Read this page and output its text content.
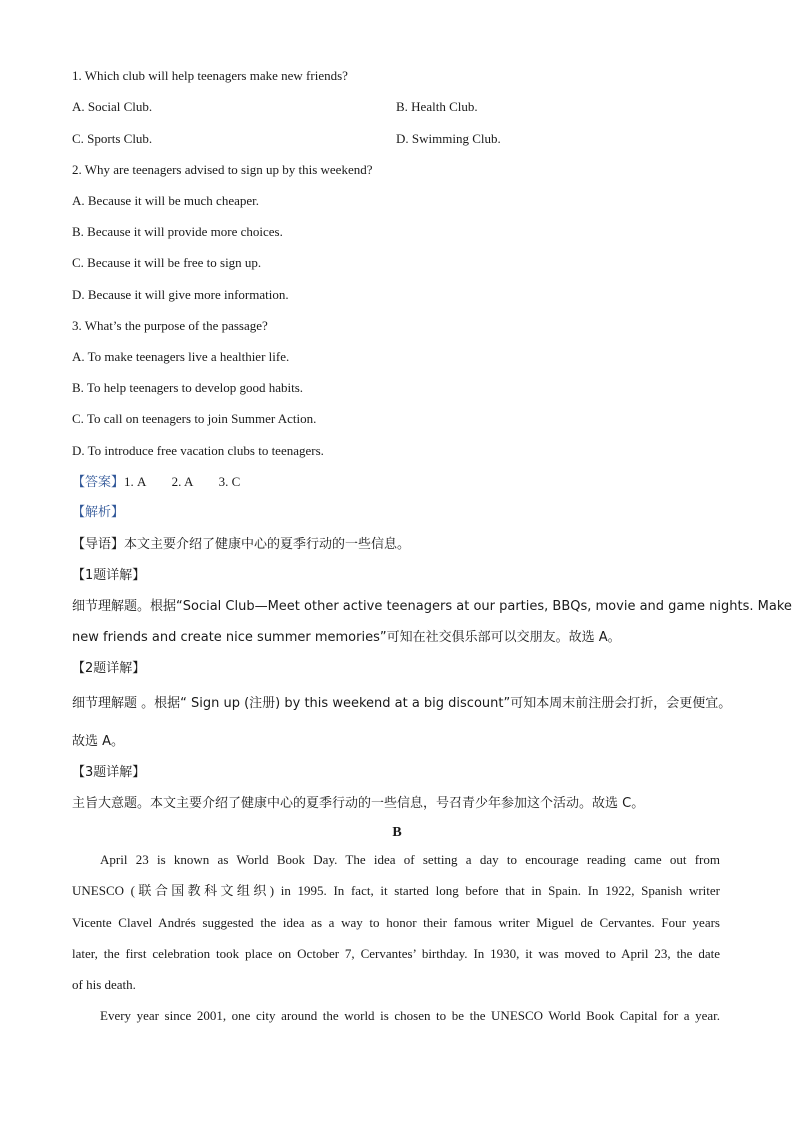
1. Which club will help teenagers make new friends?
A. Social Club.	B. Health Club.
C. Sports Club.	D. Swimming Club.
2. Why are teenagers advised to sign up by this weekend?
A. Because it will be much cheaper.
B. Because it will provide more choices.
C. Because it will be free to sign up.
D. Because it will give more information.
3. What’s the purpose of the passage?
A. To make teenagers live a healthier life.
B. To help teenagers to develop good habits.
C. To call on teenagers to join Summer Action.
D. To introduce free vacation clubs to teenagers.
【答案】1. A        2. A        3. C
【解析】
【导语】本文主要介绍了健康中心的夏季行动的一些信息。
【1题详解】
细节理解题。根据“Social Club—Meet other active teenagers at our parties, BBQs, movie and game nights. Make
new friends and create nice summer memories”可知在社交俱乐部可以交朋友。故选 A。
【2题详解】
细节理解题 。根据“ Sign up (注册) by this weekend at a big discount”可知本周末前注册会打折，会更便宜。
故选 A。
【3题详解】
主旨大意题。本文主要介绍了健康中心的夏季行动的一些信息，号召青少年参加这个活动。故选 C。
B
April 23 is known as World Book Day. The idea of setting a day to encourage reading came out from
UNESCO (联合国教科文组织) in 1995. In fact, it started long before that in Spain. In 1922, Spanish writer
Vicente Clavel Andrés suggested the idea as a way to honor their famous writer Miguel de Cervantes. Four years
later, the first celebration took place on October 7, Cervantes’ birthday. In 1930, it was moved to April 23, the date
of his death.
Every year since 2001, one city around the world is chosen to be the UNESCO World Book Capital for a year.
